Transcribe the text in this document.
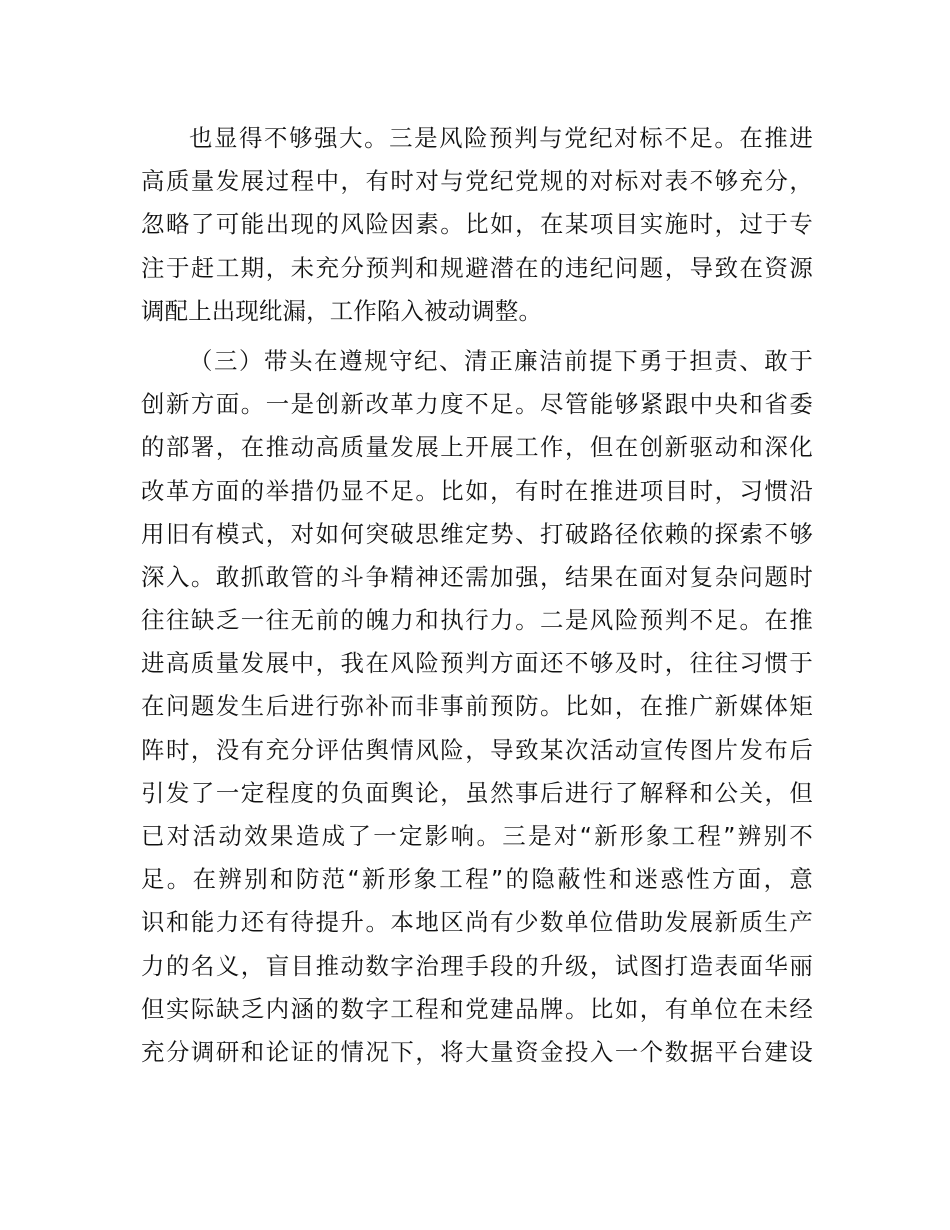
也显得不够强大。三是风险预判与党纪对标不足。在推进
高质量发展过程中，有时对与党纪党规的对标对表不够充分，
忽略了可能出现的风险因素。比如，在某项目实施时，过于专
注于赶工期，未充分预判和规避潜在的违纪问题，导致在资源
调配上出现纰漏，工作陷入被动调整。
（三）带头在遵规守纪、清正廉洁前提下勇于担责、敢于
创新方面。一是创新改革力度不足。尽管能够紧跟中央和省委
的部署，在推动高质量发展上开展工作，但在创新驱动和深化
改革方面的举措仍显不足。比如，有时在推进项目时，习惯沿
用旧有模式，对如何突破思维定势、打破路径依赖的探索不够
深入。敢抓敢管的斗争精神还需加强，结果在面对复杂问题时
往往缺乏一往无前的魄力和执行力。二是风险预判不足。在推
进高质量发展中，我在风险预判方面还不够及时，往往习惯于
在问题发生后进行弥补而非事前预防。比如，在推广新媒体矩
阵时，没有充分评估舆情风险，导致某次活动宣传图片发布后
引发了一定程度的负面舆论，虽然事后进行了解释和公关，但
已对活动效果造成了一定影响。三是对“新形象工程”辨别不
足。在辨别和防范“新形象工程”的隐蔽性和迷惑性方面，意
识和能力还有待提升。本地区尚有少数单位借助发展新质生产
力的名义，盲目推动数字治理手段的升级，试图打造表面华丽
但实际缺乏内涵的数字工程和党建品牌。比如，有单位在未经
充分调研和论证的情况下，将大量资金投入一个数据平台建设
